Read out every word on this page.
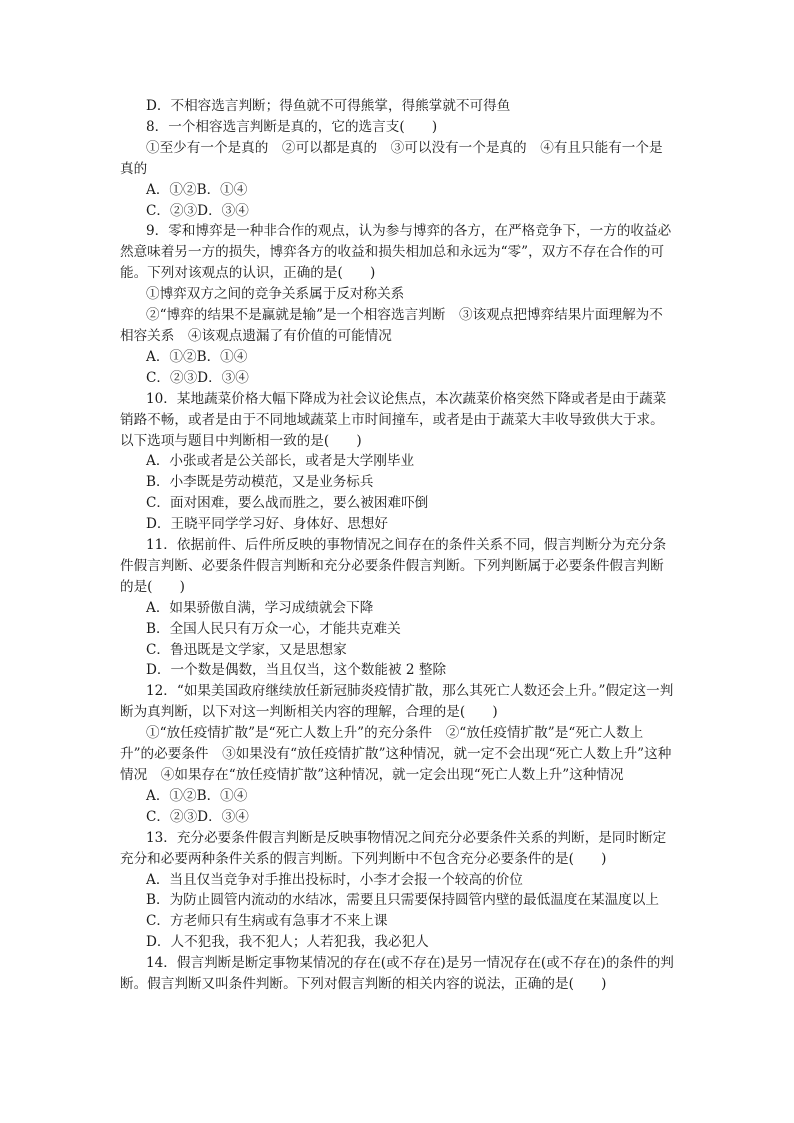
D．不相容选言判断；得鱼就不可得熊掌，得熊掌就不可得鱼

8．一个相容选言判断是真的，它的选言支(　　)

①至少有一个是真的　②可以都是真的　③可以没有一个是真的　④有且只能有一个是真的

A．①②B．①④

C．②③D．③④

9．零和博弈是一种非合作的观点，认为参与博弈的各方，在严格竞争下，一方的收益必然意味着另一方的损失，博弈各方的收益和损失相加总和永远为“零”，双方不存在合作的可能。下列对该观点的认识，正确的是(　　)

①博弈双方之间的竞争关系属于反对称关系

②“博弈的结果不是赢就是输”是一个相容选言判断　③该观点把博弈结果片面理解为不相容关系　④该观点遗漏了有价值的可能情况

A．①②B．①④

C．②③D．③④

10．某地蔬菜价格大幅下降成为社会议论焦点，本次蔬菜价格突然下降或者是由于蔬菜销路不畅，或者是由于不同地域蔬菜上市时间撞车，或者是由于蔬菜大丰收导致供大于求。以下选项与题目中判断相一致的是(　　)

A．小张或者是公关部长，或者是大学刚毕业

B．小李既是劳动模范，又是业务标兵

C．面对困难，要么战而胜之，要么被困难吓倒

D．王晓平同学学习好、身体好、思想好

11．依据前件、后件所反映的事物情况之间存在的条件关系不同，假言判断分为充分条件假言判断、必要条件假言判断和充分必要条件假言判断。下列判断属于必要条件假言判断的是(　　)

A．如果骄傲自满，学习成绩就会下降

B．全国人民只有万众一心，才能共克难关

C．鲁迅既是文学家，又是思想家

D．一个数是偶数，当且仅当，这个数能被 2 整除

12．“如果美国政府继续放任新冠肺炎疫情扩散，那么其死亡人数还会上升。”假定这一判断为真判断，以下对这一判断相关内容的理解，合理的是(　　)

①“放任疫情扩散”是“死亡人数上升”的充分条件　②“放任疫情扩散”是“死亡人数上升”的必要条件　③如果没有“放任疫情扩散”这种情况，就一定不会出现“死亡人数上升”这种情况　④如果存在“放任疫情扩散”这种情况，就一定会出现“死亡人数上升”这种情况

A．①②B．①④

C．②③D．③④

13．充分必要条件假言判断是反映事物情况之间充分必要条件关系的判断，是同时断定充分和必要两种条件关系的假言判断。下列判断中不包含充分必要条件的是(　　)

A．当且仅当竞争对手推出投标时，小李才会报一个较高的价位

B．为防止圆管内流动的水结冰，需要且只需要保持圆管内壁的最低温度在某温度以上

C．方老师只有生病或有急事才不来上课

D．人不犯我，我不犯人；人若犯我，我必犯人

14．假言判断是断定事物某情况的存在(或不存在)是另一情况存在(或不存在)的条件的判断。假言判断又叫条件判断。下列对假言判断的相关内容的说法，正确的是(　　)
